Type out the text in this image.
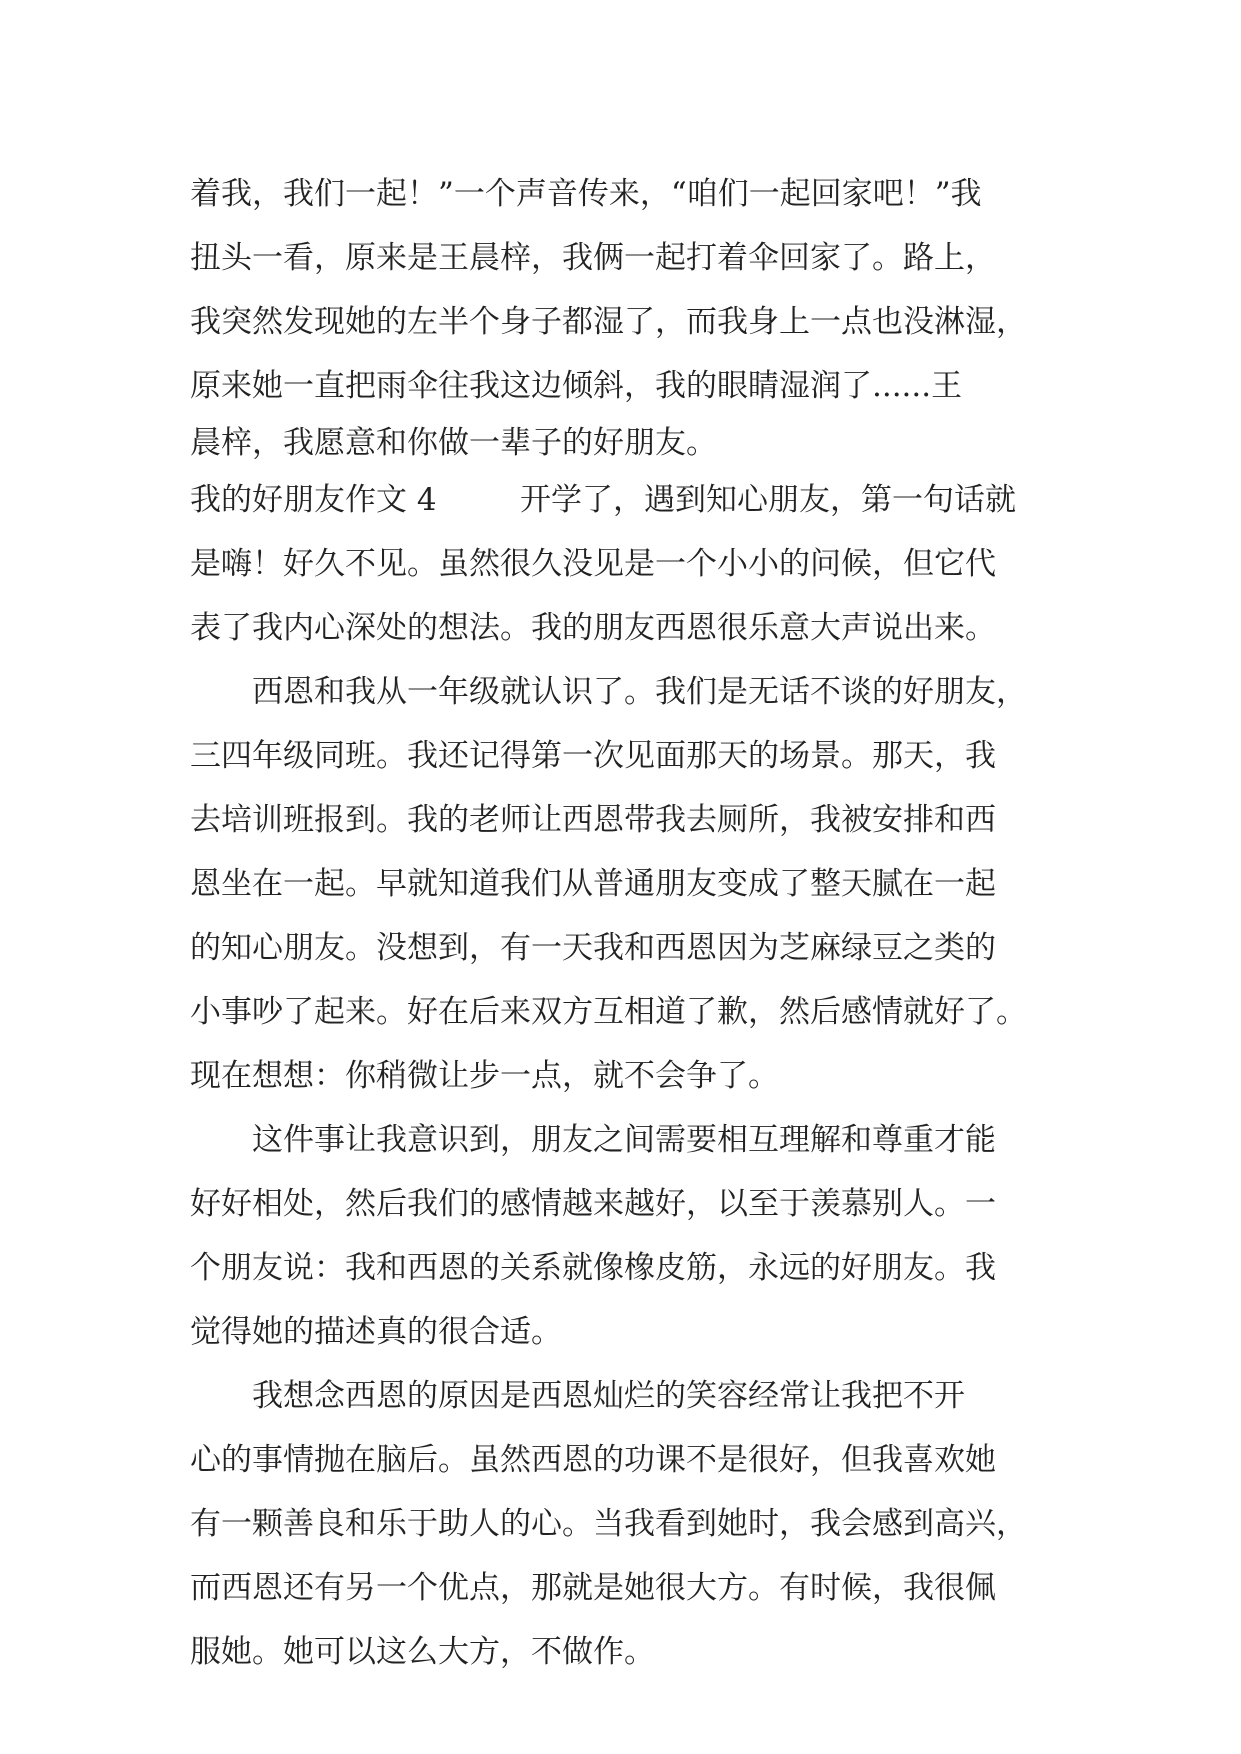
着我，我们一起！”一个声音传来，“咱们一起回家吧！”我
扭头一看，原来是王晨梓，我俩一起打着伞回家了。路上，
我突然发现她的左半个身子都湿了，而我身上一点也没淋湿，
原来她一直把雨伞往我这边倾斜，我的眼睛湿润了......王
晨梓，我愿意和你做一辈子的好朋友。
我的好朋友作文 4	开学了，遇到知心朋友，第一句话就
是嗨！好久不见。虽然很久没见是一个小小的问候，但它代
表了我内心深处的想法。我的朋友西恩很乐意大声说出来。
　　西恩和我从一年级就认识了。我们是无话不谈的好朋友，
三四年级同班。我还记得第一次见面那天的场景。那天，我
去培训班报到。我的老师让西恩带我去厕所，我被安排和西
恩坐在一起。早就知道我们从普通朋友变成了整天腻在一起
的知心朋友。没想到，有一天我和西恩因为芝麻绿豆之类的
小事吵了起来。好在后来双方互相道了歉，然后感情就好了。
现在想想：你稍微让步一点，就不会争了。
　　这件事让我意识到，朋友之间需要相互理解和尊重才能
好好相处，然后我们的感情越来越好，以至于羡慕别人。一
个朋友说：我和西恩的关系就像橡皮筋，永远的好朋友。我
觉得她的描述真的很合适。
　　我想念西恩的原因是西恩灿烂的笑容经常让我把不开
心的事情抛在脑后。虽然西恩的功课不是很好，但我喜欢她
有一颗善良和乐于助人的心。当我看到她时，我会感到高兴，
而西恩还有另一个优点，那就是她很大方。有时候，我很佩
服她。她可以这么大方，不做作。
